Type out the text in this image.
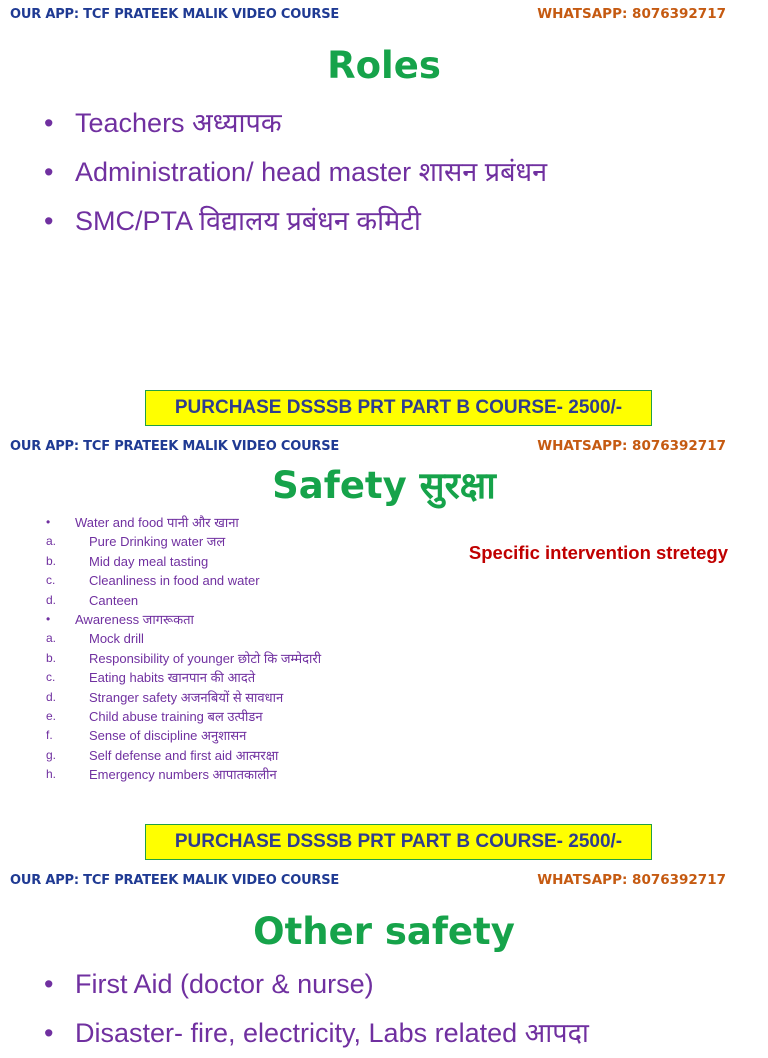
OUR APP: TCF PRATEEK MALIK VIDEO COURSE	WHATSAPP: 8076392717
Roles
• Teachers अध्यापक
• Administration/ head master शासन प्रबंधन
• SMC/PTA विद्यालय प्रबंधन कमिटी
PURCHASE DSSSB PRT PART B COURSE- 2500/-
OUR APP: TCF PRATEEK MALIK VIDEO COURSE	WHATSAPP: 8076392717
Safety सुरक्षा
Specific intervention stretegy
•	Water and food पानी और खाना
a.	Pure Drinking water जल
b.	Mid day meal tasting
c.	Cleanliness in food and water
d.	Canteen
•	Awareness जागरूकता
a.	Mock drill
b.	Responsibility of younger छोटो कि जम्मेदारी
c.	Eating habits खानपान की आदते
d.	Stranger safety अजनबियों से सावधान
e.	Child abuse training बल उत्पीडन
f.	Sense of discipline अनुशासन
g.	Self defense and first aid आत्मरक्षा
h.	Emergency numbers आपातकालीन
PURCHASE DSSSB PRT PART B COURSE- 2500/-
OUR APP: TCF PRATEEK MALIK VIDEO COURSE	WHATSAPP: 8076392717
Other safety
• First Aid (doctor & nurse)
• Disaster- fire, electricity, Labs related आपदा
